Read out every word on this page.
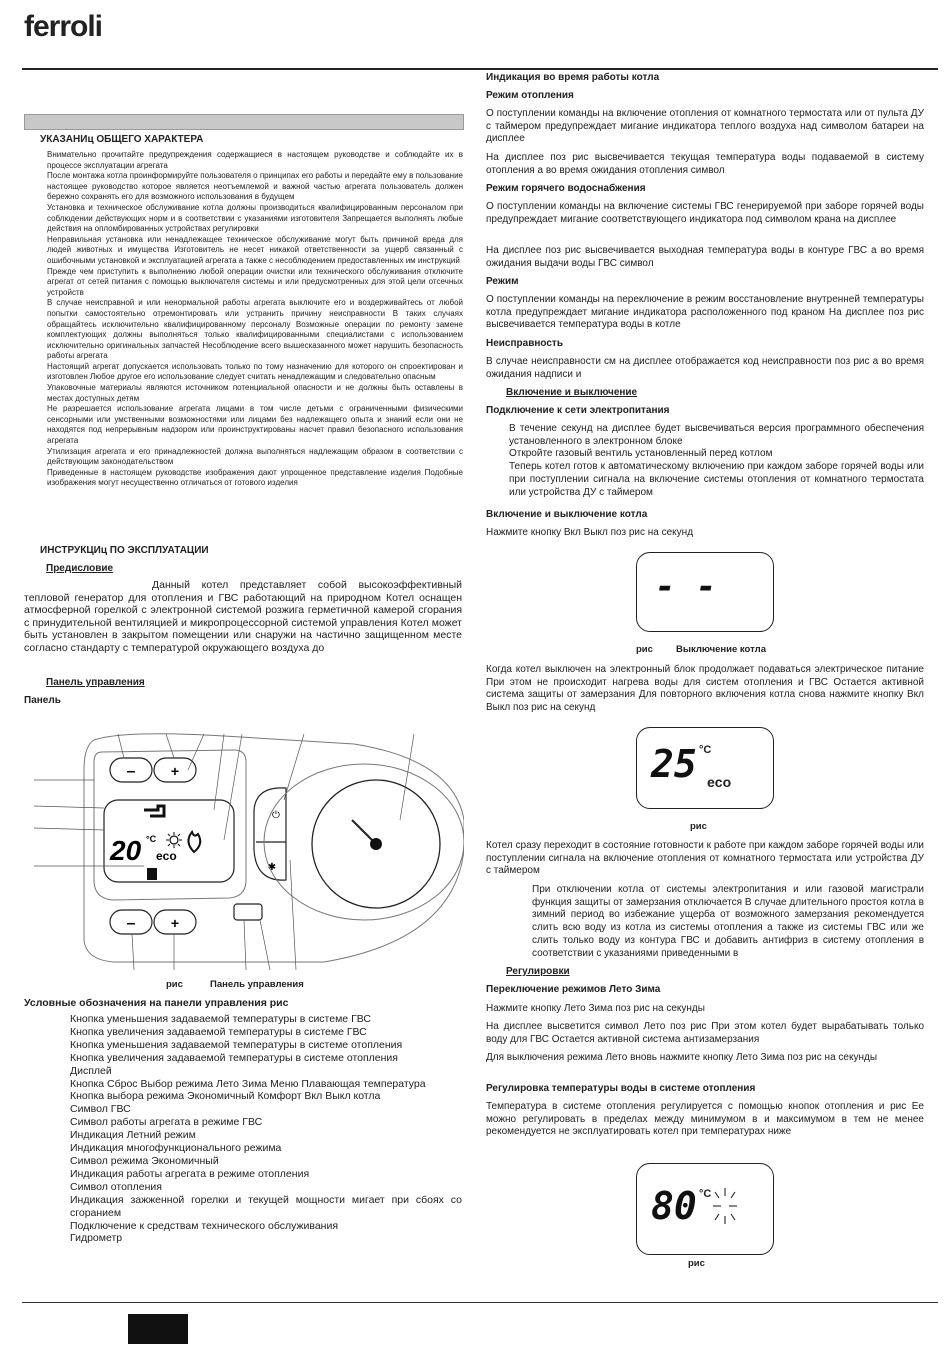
ferroli
УКАЗАНИц ОБЩЕГО ХАРАКТЕРА
Внимательно прочитайте предупреждения содержащиеся в настоящем руководстве и соблюдайте их в процессе эксплуатации агрегата
После монтажа котла проинформируйте пользователя о принципах его работы и передайте ему в пользование настоящее руководство которое является неотъемлемой и важной частью агрегата пользователь должен бережно сохранять его для возможного использования в будущем
Установка и техническое обслуживание котла должны производиться квалифицированным персоналом при соблюдении действующих норм и в соответствии с указаниями изготовителя Запрещается выполнять любые действия на опломбированных устройствах регулировки
Неправильная установка или ненадлежащее техническое обслуживание могут быть причиной вреда для людей животных и имущества Изготовитель не несет никакой ответственности за ущерб связанный с ошибочными установкой и эксплуатацией агрегата а также с несоблюдением предоставленных им инструкций
Прежде чем приступить к выполнению любой операции очистки или технического обслуживания отключите агрегат от сетей питания с помощью выключателя системы и или предусмотренных для этой цели отсечных устройств
В случае неисправной и или ненормальной работы агрегата выключите его и воздерживайтесь от любой попытки самостоятельно отремонтировать или устранить причину неисправности В таких случаях обращайтесь исключительно квалифицированному персоналу Возможные операции по ремонту замене комплектующих должны выполняться только квалифицированными специалистами с использованием исключительно оригинальных запчастей Несоблюдение всего вышесказанного может нарушить безопасность работы агрегата
Настоящий агрегат допускается использовать только по тому назначению для которого он спроектирован и изготовлен Любое другое его использование следует считать ненадлежащим и следовательно опасным
Упаковочные материалы являются источником потенциальной опасности и не должны быть оставлены в местах доступных детям
Не разрешается использование агрегата лицами в том числе детьми с ограниченными физическими сенсорными или умственными возможностями или лицами без надлежащего опыта и знаний если они не находятся под непрерывным надзором или проинструктированы насчет правил безопасного использования агрегата
Утилизация агрегата и его принадлежностей должна выполняться надлежащим образом в соответствии с действующим законодательством
Приведенные в настоящем руководстве изображения дают упрощенное представление изделия Подобные изображения могут несущественно отличаться от готового изделия
ИНСТРУКЦИц ПО ЭКСПЛУАТАЦИИ
Предисловие
Данный котел представляет собой высокоэффективный тепловой генератор для отопления и ГВС работающий на природном Котел оснащен атмосферной горелкой с электронной системой розжига герметичной камерой сгорания с принудительной вентиляцией и микропроцессорной системой управления Котел может быть установлен в закрытом помещении или снаружи на частично защищенном месте согласно стандарту с температурой окружающего воздуха до
Панель управления
Панель
–	+
20 °C
eco
–	+
⏻
✱
рис	Панель управления
Условные обозначения на панели управления рис
Кнопка уменьшения задаваемой температуры в системе ГВС
Кнопка увеличения задаваемой температуры в системе ГВС
Кнопка уменьшения задаваемой температуры в системе отопления
Кнопка увеличения задаваемой температуры в системе отопления
Дисплей
Кнопка Сброс Выбор режима Лето Зима Меню Плавающая температура
Кнопка выбора режима Экономичный Комфорт Вкл Выкл котла
Символ ГВС
Символ работы агрегата в режиме ГВС
Индикация Летний режим
Индикация многофункционального режима
Символ режима Экономичный
Индикация работы агрегата в режиме отопления
Символ отопления
Индикация зажженной горелки и текущей мощности мигает при сбоях со сгоранием
Подключение к средствам технического обслуживания
Гидрометр
Индикация во время работы котла
Режим отопления
О поступлении команды на включение отопления от комнатного термостата или от пульта ДУ с таймером предупреждает мигание индикатора теплого воздуха над символом батареи на дисплее
На дисплее поз рис высвечивается текущая температура воды подаваемой в систему отопления а во время ожидания отопления символ
Режим горячего водоснабжения
О поступлении команды на включение системы ГВС генерируемой при заборе горячей воды предупреждает мигание соответствующего индикатора под символом крана на дисплее
На дисплее поз рис высвечивается выходная температура воды в контуре ГВС а во время ожидания выдачи воды ГВС символ
Режим
О поступлении команды на переключение в режим восстановление внутренней температуры котла предупреждает мигание индикатора расположенного под краном На дисплее поз рис высвечивается температура воды в котле
Неисправность
В случае неисправности см на дисплее отображается код неисправности поз рис а во время ожидания надписи и
Включение и выключение
Подключение к сети электропитания
В течение секунд на дисплее будет высвечиваться версия программного обеспечения установленного в электронном блоке
Откройте газовый вентиль установленный перед котлом
Теперь котел готов к автоматическому включению при каждом заборе горячей воды или при поступлении сигнала на включение системы отопления от комнатного термостата или устройства ДУ с таймером
Включение и выключение котла
Нажмите кнопку Вкл Выкл поз рис на секунд
- -
рис Выключение котла
Когда котел выключен на электронный блок продолжает подаваться электрическое питание При этом не происходит нагрева воды для систем отопления и ГВС Остается активной система защиты от замерзания Для повторного включения котла снова нажмите кнопку Вкл Выкл поз рис на секунд
25 °C
eco
рис
Котел сразу переходит в состояние готовности к работе при каждом заборе горячей воды или поступлении сигнала на включение отопления от комнатного термостата или устройства ДУ с таймером
При отключении котла от системы электропитания и или газовой магистрали функция защиты от замерзания отключается В случае длительного простоя котла в зимний период во избежание ущерба от возможного замерзания рекомендуется слить всю воду из котла из системы отопления а также из системы ГВС или же слить только воду из контура ГВС и добавить антифриз в систему отопления в соответствии с указаниями приведенными в
Регулировки
Переключение режимов Лето Зима
Нажмите кнопку Лето Зима поз рис на секунды
На дисплее высветится символ Лето поз рис При этом котел будет вырабатывать только воду для ГВС Остается активной система антизамерзания
Для выключения режима Лето вновь нажмите кнопку Лето Зима поз рис на секунды
Регулировка температуры воды в системе отопления
Температура в системе отопления регулируется с помощью кнопок отопления и рис Ее можно регулировать в пределах между минимумом в и максимумом в тем не менее рекомендуется не эксплуатировать котел при температурах ниже
80 °C
рис
